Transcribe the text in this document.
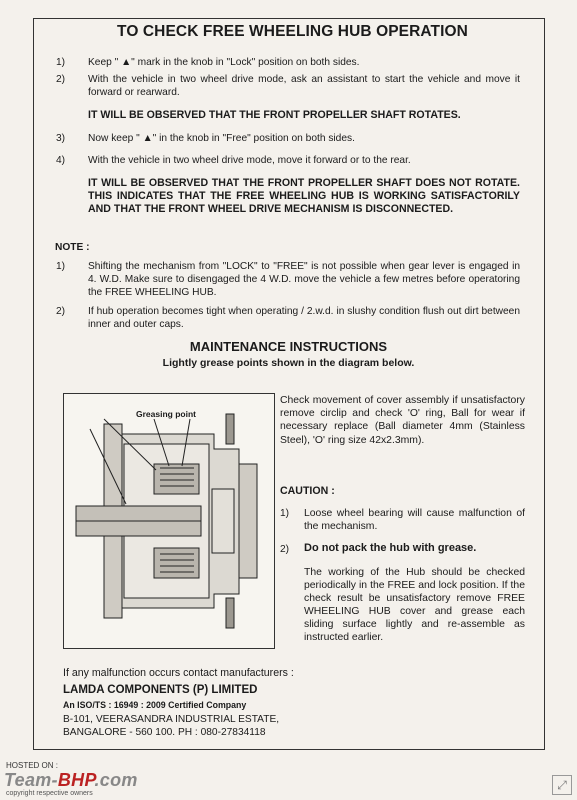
TO CHECK FREE WHEELING HUB OPERATION
1) Keep " ▲" mark in the knob in "Lock" position on both sides.
2) With the vehicle in two wheel drive mode, ask an assistant to start the vehicle and move it forward or rearward.
IT WILL BE OBSERVED THAT THE FRONT PROPELLER SHAFT ROTATES.
3) Now keep " ▲" in the knob in "Free" position on both sides.
4) With the vehicle in two wheel drive mode, move it forward or to the rear.
IT WILL BE OBSERVED THAT THE FRONT PROPELLER SHAFT DOES NOT ROTATE. THIS INDICATES THAT THE FREE WHEELING HUB IS WORKING SATISFACTORILY AND THAT THE FRONT WHEEL DRIVE MECHANISM IS DISCONNECTED.
NOTE :
1) Shifting the mechanism from "LOCK" to "FREE" is not possible when gear lever is engaged in 4. W.D. Make sure to disengaged the 4 W.D. move the vehicle a few metres before operatoring the FREE WHEELING HUB.
2) If hub operation becomes tight when operating / 2.w.d. in slushy condition flush out dirt between inner and outer caps.
MAINTENANCE INSTRUCTIONS
Lightly grease points shown in the diagram below.
Greasing point
Check movement of cover assembly if unsatisfactory remove circlip and check 'O' ring, Ball for wear if necessary replace (Ball diameter 4mm (Stainless Steel), 'O' ring size 42x2.3mm).
CAUTION :
1) Loose wheel bearing will cause malfunction of the mechanism.
2) Do not pack the hub with grease.
The working of the Hub should be checked periodically in the FREE and lock position. If the check result be unsatisfactory remove FREE WHEELING HUB cover and grease each sliding surface lightly and re-assemble as instructed earlier.
If any malfunction occurs contact manufacturers :
LAMDA COMPONENTS (P) LIMITED
An ISO/TS : 16949 : 2009 Certified Company
B-101, VEERASANDRA INDUSTRIAL ESTATE,
BANGALORE - 560 100. PH : 080-27834118
HOSTED ON :
Team-BHP.com
copyright respective owners
⤢
